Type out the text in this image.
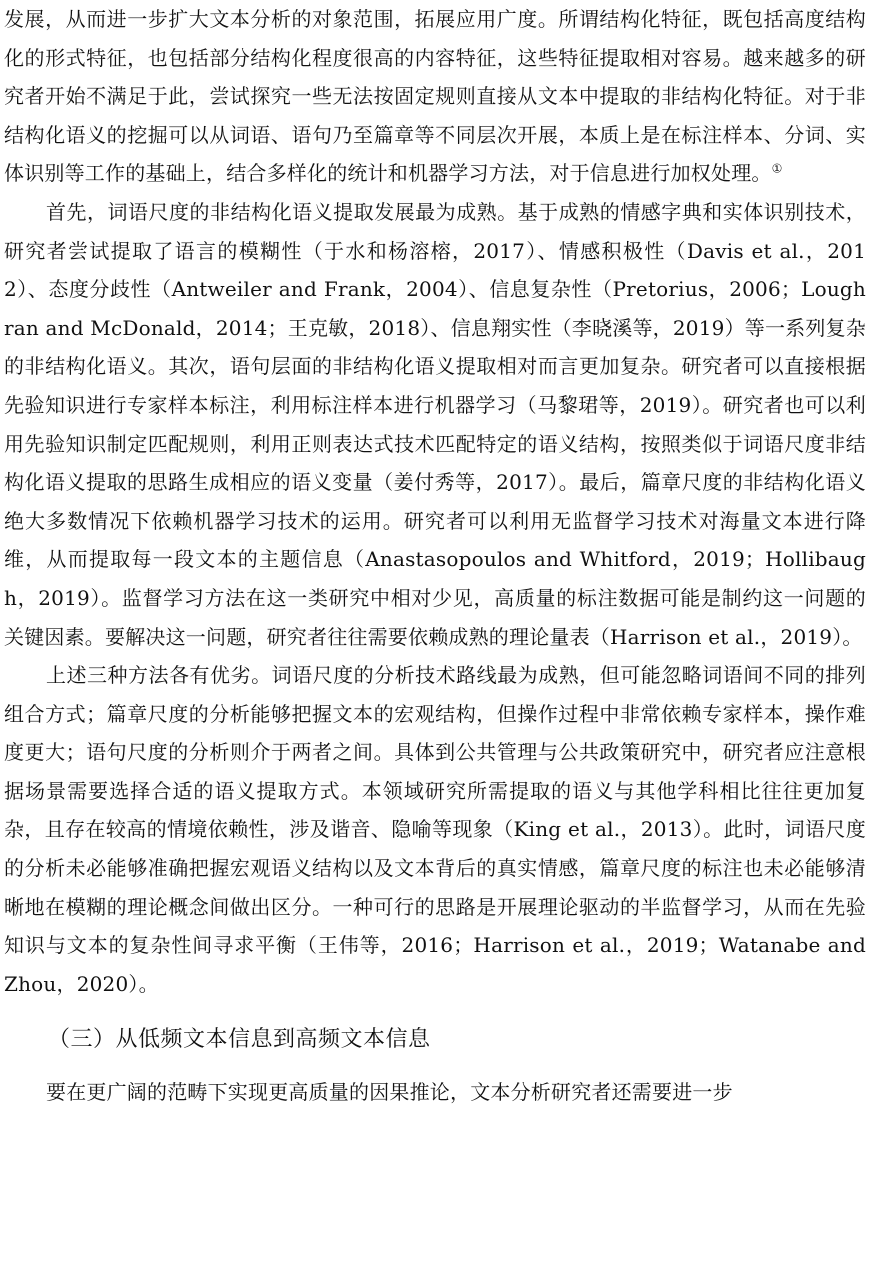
发展，从而进一步扩大文本分析的对象范围，拓展应用广度。所谓结构化特征，既包括高度结构化的形式特征，也包括部分结构化程度很高的内容特征，这些特征提取相对容易。越来越多的研究者开始不满足于此，尝试探究一些无法按固定规则直接从文本中提取的非结构化特征。对于非结构化语义的挖掘可以从词语、语句乃至篇章等不同层次开展，本质上是在标注样本、分词、实体识别等工作的基础上，结合多样化的统计和机器学习方法，对于信息进行加权处理。①

首先，词语尺度的非结构化语义提取发展最为成熟。基于成熟的情感字典和实体识别技术，研究者尝试提取了语言的模糊性（于水和杨溶榕，2017）、情感积极性（Davis et al.，2012）、态度分歧性（Antweiler and Frank，2004）、信息复杂性（Pretorius，2006；Loughran and McDonald，2014；王克敏，2018）、信息翔实性（李晓溪等，2019）等一系列复杂的非结构化语义。其次，语句层面的非结构化语义提取相对而言更加复杂。研究者可以直接根据先验知识进行专家样本标注，利用标注样本进行机器学习（马黎珺等，2019）。研究者也可以利用先验知识制定匹配规则，利用正则表达式技术匹配特定的语义结构，按照类似于词语尺度非结构化语义提取的思路生成相应的语义变量（姜付秀等，2017）。最后，篇章尺度的非结构化语义绝大多数情况下依赖机器学习技术的运用。研究者可以利用无监督学习技术对海量文本进行降维，从而提取每一段文本的主题信息（Anastasopoulos and Whitford，2019；Hollibaugh，2019）。监督学习方法在这一类研究中相对少见，高质量的标注数据可能是制约这一问题的关键因素。要解决这一问题，研究者往往需要依赖成熟的理论量表（Harrison et al.，2019）。

上述三种方法各有优劣。词语尺度的分析技术路线最为成熟，但可能忽略词语间不同的排列组合方式；篇章尺度的分析能够把握文本的宏观结构，但操作过程中非常依赖专家样本，操作难度更大；语句尺度的分析则介于两者之间。具体到公共管理与公共政策研究中，研究者应注意根据场景需要选择合适的语义提取方式。本领域研究所需提取的语义与其他学科相比往往更加复杂，且存在较高的情境依赖性，涉及谐音、隐喻等现象（King et al.，2013）。此时，词语尺度的分析未必能够准确把握宏观语义结构以及文本背后的真实情感，篇章尺度的标注也未必能够清晰地在模糊的理论概念间做出区分。一种可行的思路是开展理论驱动的半监督学习，从而在先验知识与文本的复杂性间寻求平衡（王伟等，2016；Harrison et al.，2019；Watanabe and Zhou，2020）。

（三）从低频文本信息到高频文本信息

要在更广阔的范畴下实现更高质量的因果推论，文本分析研究者还需要进一步
